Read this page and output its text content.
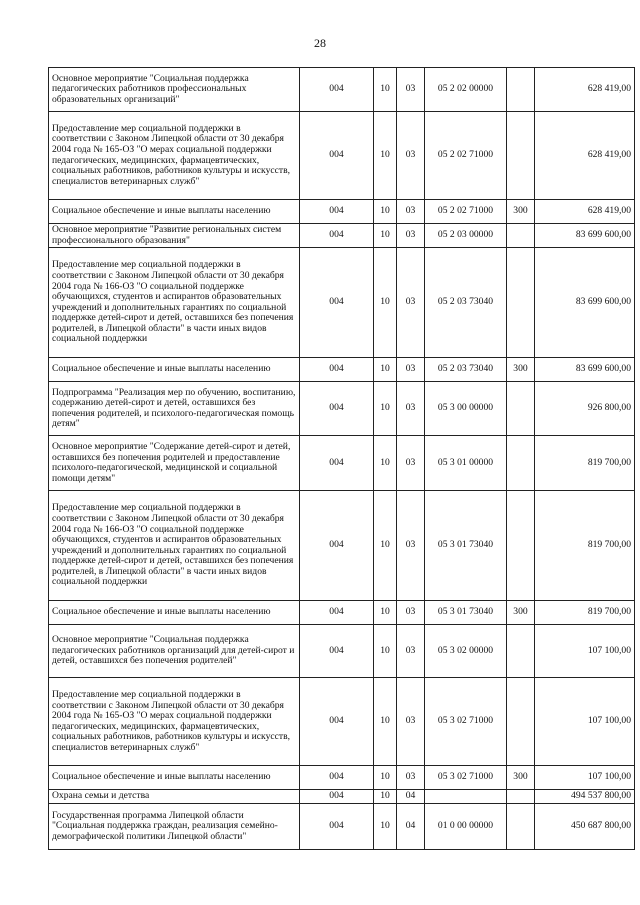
28
Основное мероприятие "Социальная поддержка педагогических работников профессиональных образовательных организаций"	004	10	03	05 2 02 00000		628 419,00
Предоставление мер социальной поддержки в соответствии с Законом Липецкой области от 30 декабря 2004 года № 165-ОЗ "О мерах социальной поддержки педагогических, медицинских, фармацевтических, социальных работников, работников культуры и искусств, специалистов ветеринарных служб"	004	10	03	05 2 02 71000		628 419,00
Социальное обеспечение и иные выплаты населению	004	10	03	05 2 02 71000	300	628 419,00
Основное мероприятие "Развитие региональных систем профессионального образования"	004	10	03	05 2 03 00000		83 699 600,00
Предоставление мер социальной поддержки в соответствии с Законом Липецкой области от 30 декабря 2004 года № 166-ОЗ "О социальной поддержке обучающихся, студентов и аспирантов образовательных учреждений и дополнительных гарантиях по социальной поддержке детей-сирот и детей, оставшихся без попечения родителей, в Липецкой области" в части иных видов социальной поддержки	004	10	03	05 2 03 73040		83 699 600,00
Социальное обеспечение и иные выплаты населению	004	10	03	05 2 03 73040	300	83 699 600,00
Подпрограмма "Реализация мер по обучению, воспитанию, содержанию детей-сирот и детей, оставшихся без попечения родителей, и психолого-педагогическая помощь детям"	004	10	03	05 3 00 00000		926 800,00
Основное мероприятие "Содержание детей-сирот и детей, оставшихся без попечения родителей и предоставление психолого-педагогической, медицинской и социальной помощи детям"	004	10	03	05 3 01 00000		819 700,00
Предоставление мер социальной поддержки в соответствии с Законом Липецкой области от 30 декабря 2004 года № 166-ОЗ "О социальной поддержке обучающихся, студентов и аспирантов образовательных учреждений и дополнительных гарантиях по социальной поддержке детей-сирот и детей, оставшихся без попечения родителей, в Липецкой области" в части иных видов социальной поддержки	004	10	03	05 3 01 73040		819 700,00
Социальное обеспечение и иные выплаты населению	004	10	03	05 3 01 73040	300	819 700,00
Основное мероприятие "Социальная поддержка педагогических работников организаций для детей-сирот и детей, оставшихся без попечения родителей"	004	10	03	05 3 02 00000		107 100,00
Предоставление мер социальной поддержки в соответствии с Законом Липецкой области от 30 декабря 2004 года № 165-ОЗ "О мерах социальной поддержки педагогических, медицинских, фармацевтических, социальных работников, работников культуры и искусств, специалистов ветеринарных служб"	004	10	03	05 3 02 71000		107 100,00
Социальное обеспечение и иные выплаты населению	004	10	03	05 3 02 71000	300	107 100,00
Охрана семьи и детства	004	10	04			494 537 800,00
Государственная программа Липецкой области "Социальная поддержка граждан, реализация семейно-демографической политики Липецкой области"	004	10	04	01 0 00 00000		450 687 800,00
